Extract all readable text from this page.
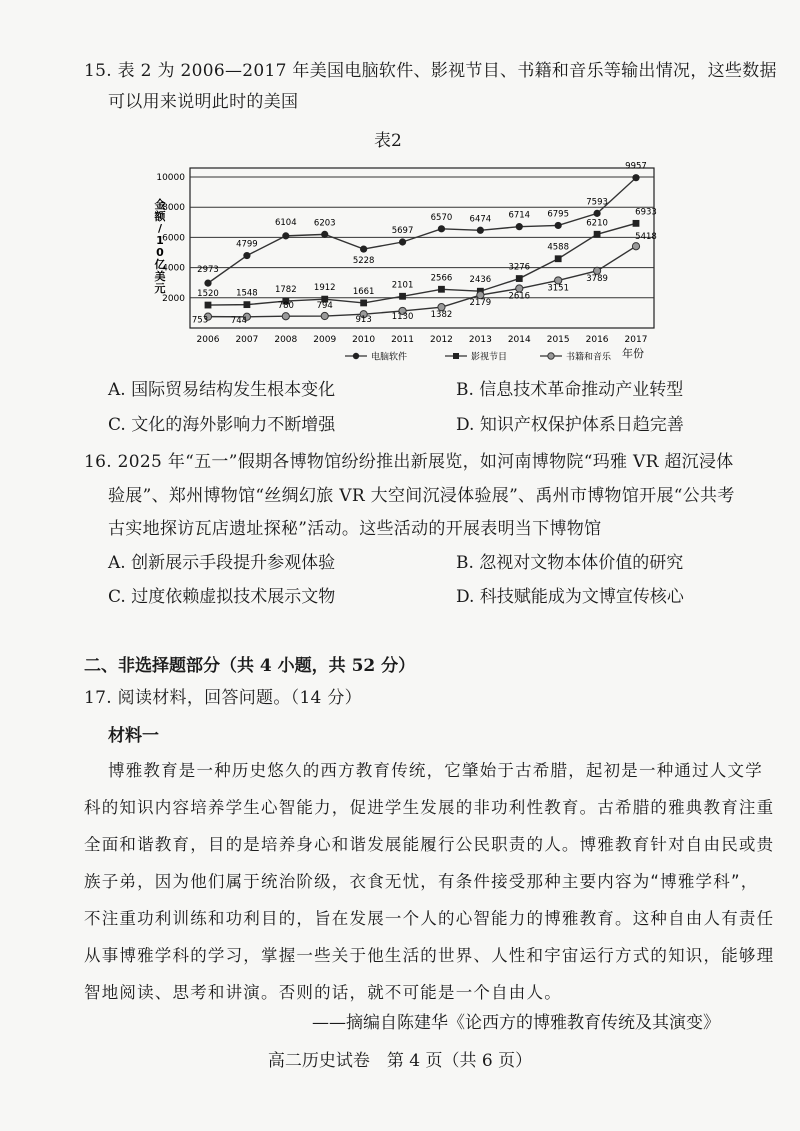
15. 表 2 为 2006—2017 年美国电脑软件、影视节目、书籍和音乐等输出情况，这些数据
可以用来说明此时的美国
表2
2000
4000
6000
8000
10000
2006 2007 2008 2009 2010 2011 2012 2013 2014 2015 2016 2017
2973
4799
6104 6203
5228
5697
6570 6474 6714 6795
7593
9957
1520 1548 1782 1912 1661
2101
2566 2436
3276
4588
6210
6933
753	744
780	794
913 1130 1382
2179
2616
3151
3789
5418
金
额
/
1
0
亿
美
元
年份
电脑软件	影视节目	书籍和音乐
A. 国际贸易结构发生根本变化	B. 信息技术革命推动产业转型
C. 文化的海外影响力不断增强	D. 知识产权保护体系日趋完善
16. 2025 年“五一”假期各博物馆纷纷推出新展览，如河南博物院“玛雅 VR 超沉浸体
验展”、郑州博物馆“丝绸幻旅 VR 大空间沉浸体验展”、禹州市博物馆开展“公共考
古实地探访瓦店遗址探秘”活动。这些活动的开展表明当下博物馆
A. 创新展示手段提升参观体验	B. 忽视对文物本体价值的研究
C. 过度依赖虚拟技术展示文物	D. 科技赋能成为文博宣传核心
二、非选择题部分（共 4 小题，共 52 分）
17. 阅读材料，回答问题。（14 分）
材料一
博雅教育是一种历史悠久的西方教育传统，它肇始于古希腊，起初是一种通过人文学
科的知识内容培养学生心智能力，促进学生发展的非功利性教育。古希腊的雅典教育注重
全面和谐教育，目的是培养身心和谐发展能履行公民职责的人。博雅教育针对自由民或贵
族子弟，因为他们属于统治阶级，衣食无忧，有条件接受那种主要内容为“博雅学科”，
不注重功利训练和功利目的，旨在发展一个人的心智能力的博雅教育。这种自由人有责任
从事博雅学科的学习，掌握一些关于他生活的世界、人性和宇宙运行方式的知识，能够理
智地阅读、思考和讲演。否则的话，就不可能是一个自由人。
——摘编自陈建华《论西方的博雅教育传统及其演变》
高二历史试卷　第 4 页（共 6 页）
